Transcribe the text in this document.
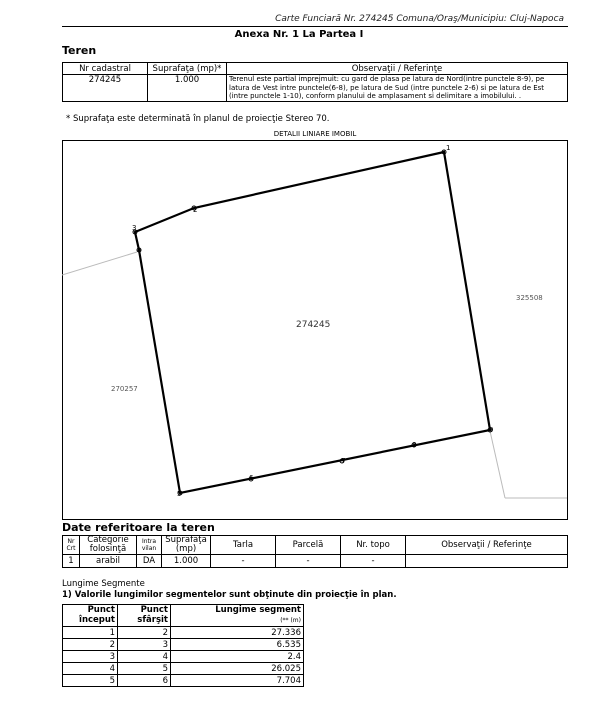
Carte Funciară Nr. 274245 Comuna/Oraş/Municipiu: Cluj-Napoca
Anexa Nr. 1 La Partea I
Teren
Nr cadastral	Suprafaţa (mp)*	Observaţii / Referinţe
274245	1.000	Terenul este partial imprejmuit: cu gard de plasa pe latura de Nord(intre punctele 8-9), pe latura de Vest intre punctele(6-8), pe latura de Sud (intre punctele 2-6) si pe latura de Est (intre punctele 1-10), conform planului de amplasament si delimitare a imobilului. .
* Suprafaţa este determinată în planul de proiecţie Stereo 70.
DETALII LINIARE IMOBIL
1
2
3
4
5
6
7
8
9
274245
325508
270257
Date referitoare la teren
Nr Crt	Categorie folosinţă	Intra vilan	Suprafaţa (mp)	Tarla	Parcelă	Nr. topo	Observaţii / Referinţe
1	arabil	DA	1.000	-	-	-	
Lungime Segmente
1) Valorile lungimilor segmentelor sunt obţinute din proiecţie în plan.
Punct început	Punct sfârşit	Lungime segment
(** (m)
1	2	27.336
2	3	6.535
3	4	2.4
4	5	26.025
5	6	7.704
